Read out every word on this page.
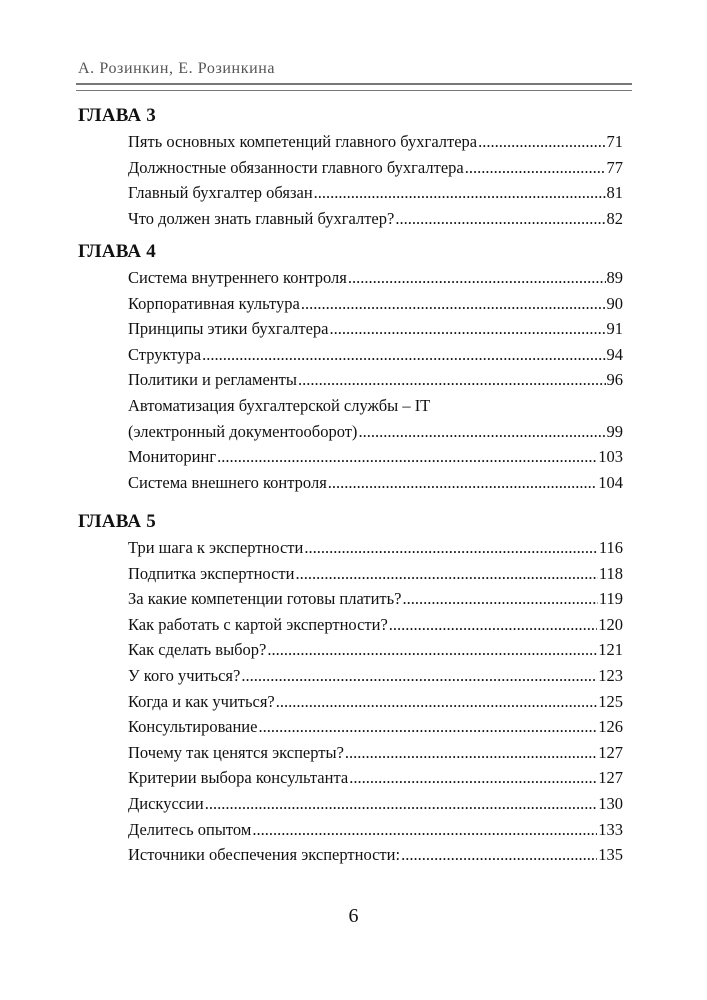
А. Розинкин, Е. Розинкина
ГЛАВА 3
Пять основных компетенций главного бухгалтера .....	71
Должностные обязанности главного бухгалтера .....	77
Главный бухгалтер обязан .....	81
Что должен знать главный бухгалтер? .....	82
ГЛАВА 4
Система внутреннего контроля .....	89
Корпоративная культура .....	90
Принципы этики бухгалтера .....	91
Структура .....	94
Политики и регламенты .....	96
Автоматизация бухгалтерской службы – IT
(электронный документооборот) .....	99
Мониторинг .....	103
Система внешнего контроля .....	104
ГЛАВА 5
Три шага к экспертности .....	116
Подпитка экспертности .....	118
За какие компетенции готовы платить? .....	119
Как работать с картой экспертности? .....	120
Как сделать выбор? .....	121
У кого учиться? .....	123
Когда и как учиться? .....	125
Консультирование .....	126
Почему так ценятся эксперты? .....	127
Критерии выбора консультанта .....	127
Дискуссии .....	130
Делитесь опытом .....	133
Источники обеспечения экспертности: .....	135
6
